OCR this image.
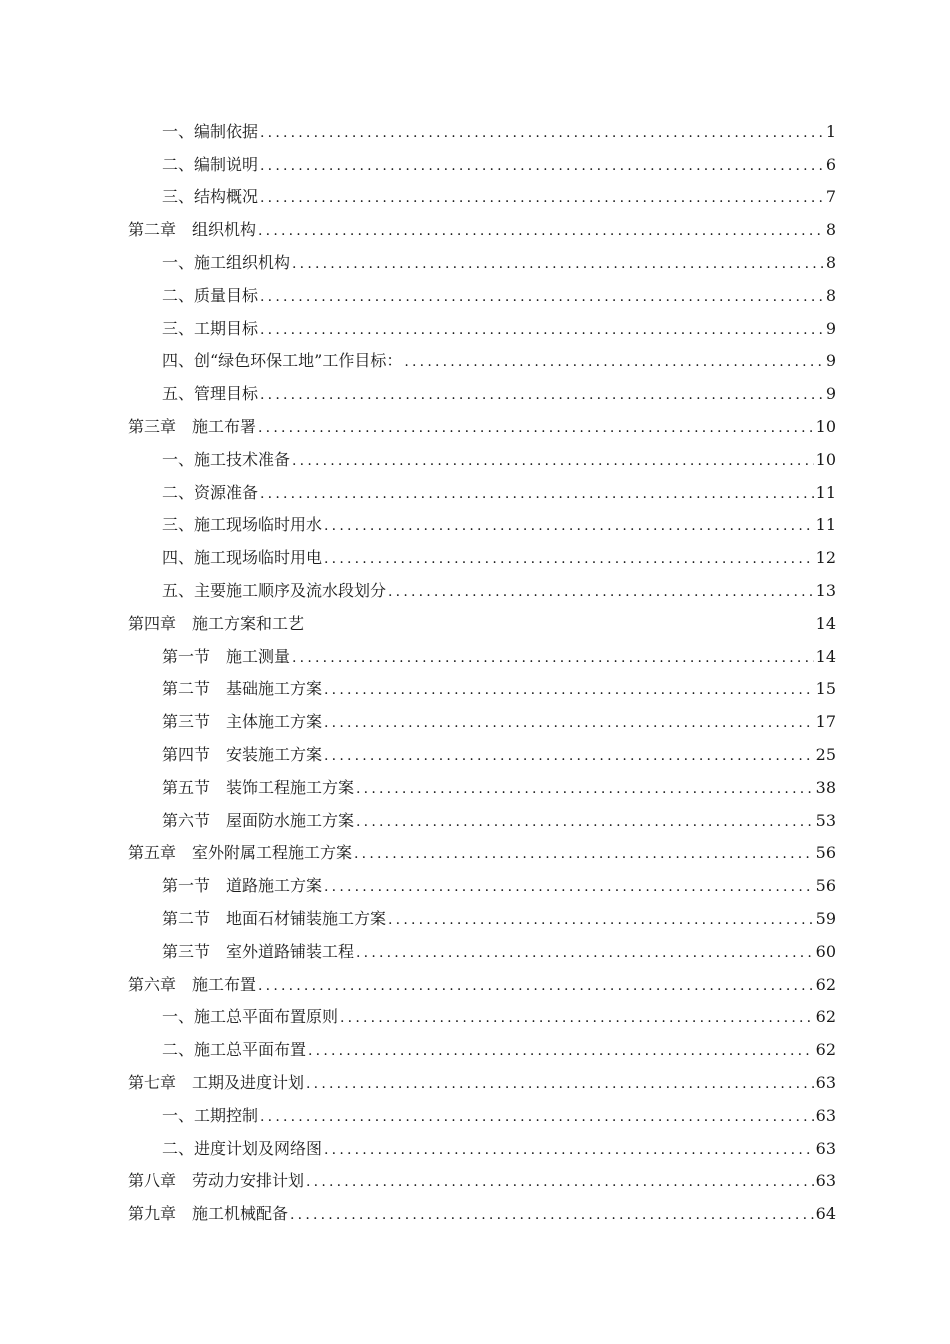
一、编制依据 .....	1
二、编制说明 .....	6
三、结构概况 .....	7
第二章　组织机构 .....	8
一、施工组织机构 .....	8
二、质量目标 .....	8
三、工期目标 .....	9
四、创“绿色环保工地”工作目标： .....	9
五、管理目标 .....	9
第三章　施工布署 .....	10
一、施工技术准备 .....	10
二、资源准备 .....	11
三、施工现场临时用水 .....	11
四、施工现场临时用电 .....	12
五、主要施工顺序及流水段划分 .....	13
第四章　施工方案和工艺	14
第一节　施工测量 .....	14
第二节　基础施工方案 .....	15
第三节　主体施工方案 .....	17
第四节　安装施工方案 .....	25
第五节　装饰工程施工方案 .....	38
第六节　屋面防水施工方案 .....	53
第五章　室外附属工程施工方案 .....	56
第一节　道路施工方案 .....	56
第二节　地面石材铺装施工方案 .....	59
第三节　室外道路铺装工程 .....	60
第六章　施工布置 .....	62
一、施工总平面布置原则 .....	62
二、施工总平面布置 .....	62
第七章　工期及进度计划 .....	63
一、工期控制 .....	63
二、进度计划及网络图 .....	63
第八章　劳动力安排计划 .....	63
第九章　施工机械配备 .....	64
